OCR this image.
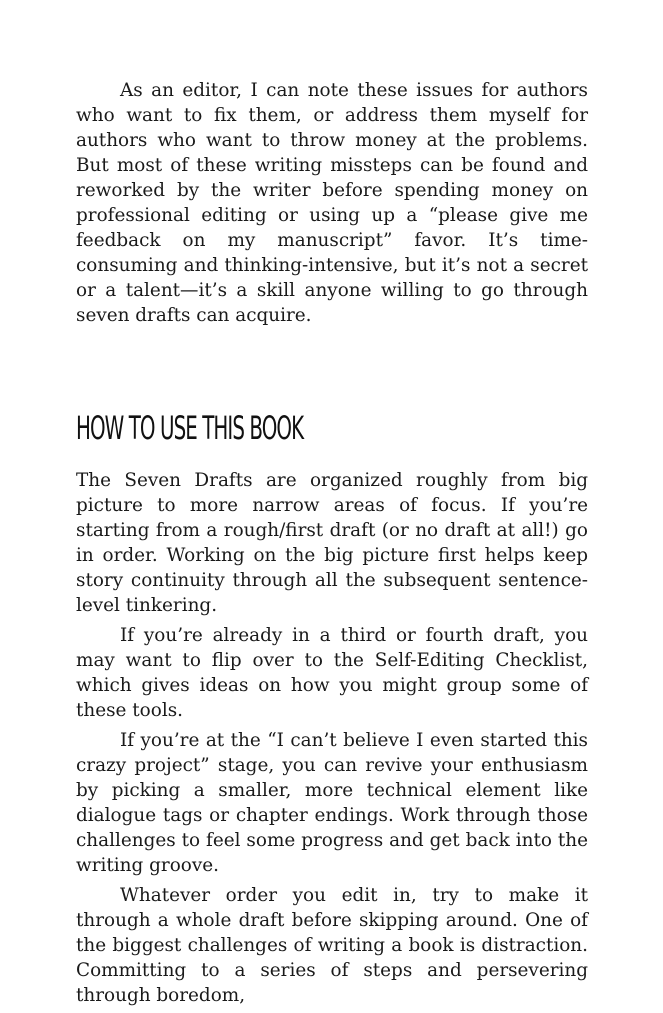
As an editor, I can note these issues for authors who want to fix them, or address them myself for authors who want to throw money at the problems. But most of these writing missteps can be found and reworked by the writer before spending money on professional editing or using up a “please give me feedback on my manuscript” favor. It’s time-consuming and thinking-intensive, but it’s not a secret or a talent—it’s a skill anyone willing to go through seven drafts can acquire.

HOW TO USE THIS BOOK

The Seven Drafts are organized roughly from big picture to more narrow areas of focus. If you’re starting from a rough/first draft (or no draft at all!) go in order. Working on the big picture first helps keep story continuity through all the subsequent sentence-level tinkering.

If you’re already in a third or fourth draft, you may want to flip over to the Self-Editing Checklist, which gives ideas on how you might group some of these tools.

If you’re at the “I can’t believe I even started this crazy project” stage, you can revive your enthusiasm by picking a smaller, more technical element like dialogue tags or chapter endings. Work through those challenges to feel some progress and get back into the writing groove.

Whatever order you edit in, try to make it through a whole draft before skipping around. One of the biggest challenges of writing a book is distraction. Committing to a series of steps and persevering through boredom,
